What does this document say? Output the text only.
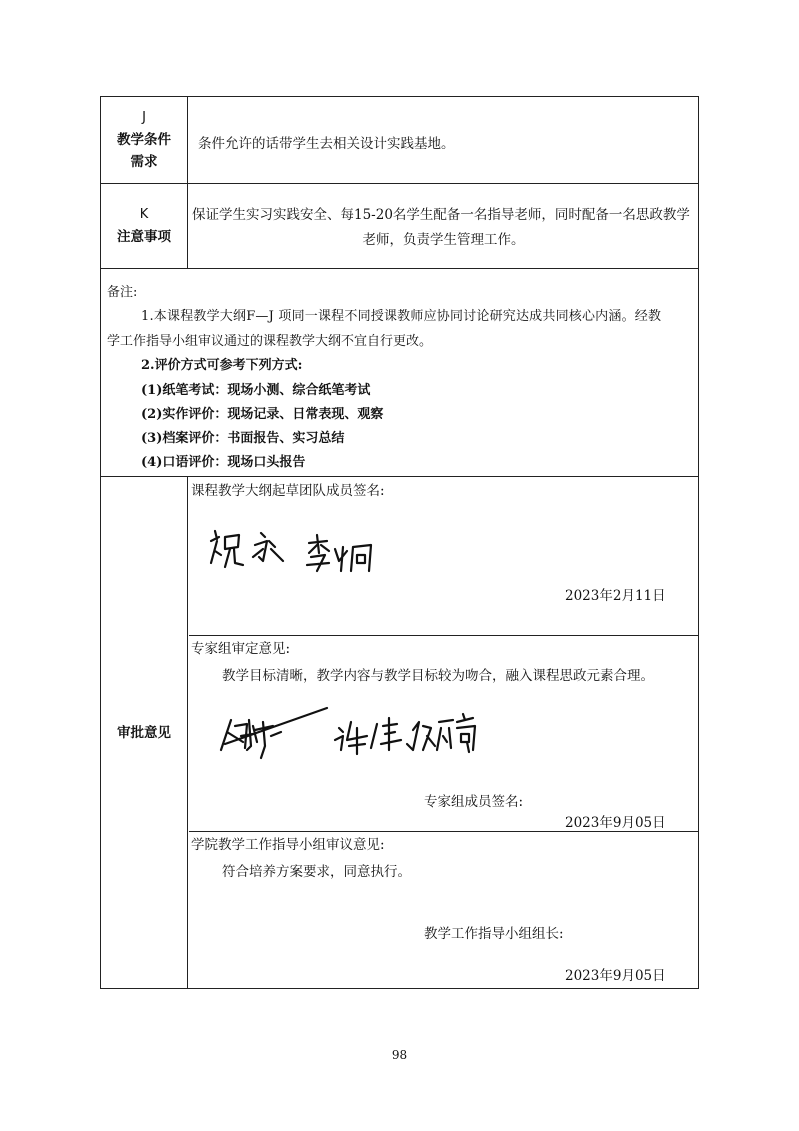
J
教学条件
需求
条件允许的话带学生去相关设计实践基地。
K
注意事项
保证学生实习实践安全、每15-20名学生配备一名指导老师，同时配备一名思政教学
老师，负责学生管理工作。
备注:
1.本课程教学大纲F—J 项同一课程不同授课教师应协同讨论研究达成共同核心内涵。经教
学工作指导小组审议通过的课程教学大纲不宜自行更改。
2.评价方式可参考下列方式:
(1)纸笔考试：现场小测、综合纸笔考试
(2)实作评价：现场记录、日常表现、观察
(3)档案评价：书面报告、实习总结
(4)口语评价：现场口头报告
审批意见
课程教学大纲起草团队成员签名:
2023年2月11日
专家组审定意见:
教学目标清晰，教学内容与教学目标较为吻合，融入课程思政元素合理。
专家组成员签名:
2023年9月05日
学院教学工作指导小组审议意见:
符合培养方案要求，同意执行。
教学工作指导小组组长:
2023年9月05日
98
